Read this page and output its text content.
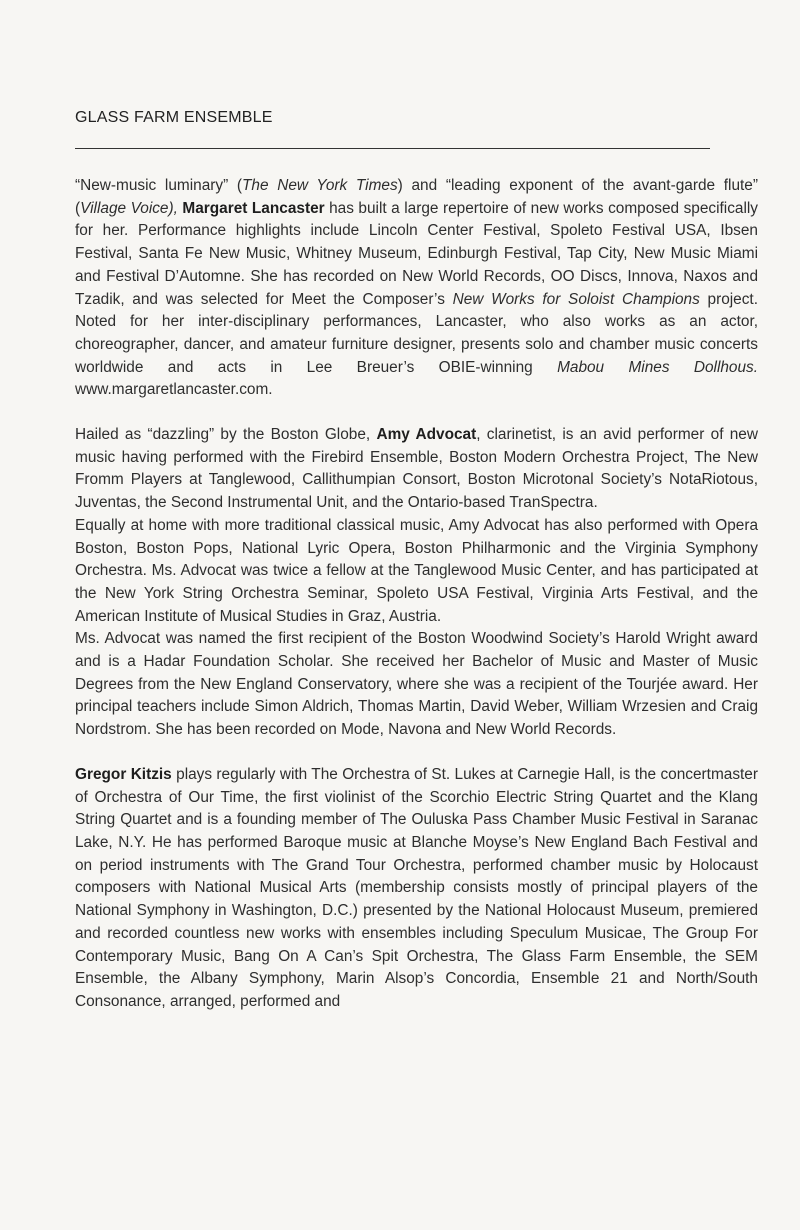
GLASS FARM ENSEMBLE

“New-music luminary” (The New York Times) and “leading exponent of the avant-garde flute” (Village Voice), Margaret Lancaster has built a large repertoire of new works composed specifically for her. Performance highlights include Lincoln Center Festival, Spoleto Festival USA, Ibsen Festival, Santa Fe New Music, Whitney Museum, Edinburgh Festival, Tap City, New Music Miami and Festival D’Automne. She has recorded on New World Records, OO Discs, Innova, Naxos and Tzadik, and was selected for Meet the Composer’s New Works for Soloist Champions project. Noted for her inter-disciplinary performances, Lancaster, who also works as an actor, choreographer, dancer, and amateur furniture designer, presents solo and chamber music concerts worldwide and acts in Lee Breuer’s OBIE-winning Mabou Mines Dollhous. www.margaretlancaster.com.

Hailed as “dazzling” by the Boston Globe, Amy Advocat, clarinetist, is an avid performer of new music having performed with the Firebird Ensemble, Boston Modern Orchestra Project, The New Fromm Players at Tanglewood, Callithumpian Consort, Boston Microtonal Society’s NotaRiotous, Juventas, the Second Instrumental Unit, and the Ontario-based TranSpectra.

Equally at home with more traditional classical music, Amy Advocat has also performed with Opera Boston, Boston Pops, National Lyric Opera, Boston Philharmonic and the Virginia Symphony Orchestra. Ms. Advocat was twice a fellow at the Tanglewood Music Center, and has participated at the New York String Orchestra Seminar, Spoleto USA Festival, Virginia Arts Festival, and the American Institute of Musical Studies in Graz, Austria.

Ms. Advocat was named the first recipient of the Boston Woodwind Society’s Harold Wright award and is a Hadar Foundation Scholar. She received her Bachelor of Music and Master of Music Degrees from the New England Conservatory, where she was a recipient of the Tourjée award. Her principal teachers include Simon Aldrich, Thomas Martin, David Weber, William Wrzesien and Craig Nordstrom. She has been recorded on Mode, Navona and New World Records.

Gregor Kitzis plays regularly with The Orchestra of St. Lukes at Carnegie Hall, is the concertmaster of Orchestra of Our Time, the first violinist of the Scorchio Electric String Quartet and the Klang String Quartet and is a founding member of The Ouluska Pass Chamber Music Festival in Saranac Lake, N.Y. He has performed Baroque music at Blanche Moyse’s New England Bach Festival and on period instruments with The Grand Tour Orchestra, performed chamber music by Holocaust composers with National Musical Arts (membership consists mostly of principal players of the National Symphony in Washington, D.C.) presented by the National Holocaust Museum, premiered and recorded countless new works with ensembles including Speculum Musicae, The Group For Contemporary Music, Bang On A Can’s Spit Orchestra, The Glass Farm Ensemble, the SEM Ensemble, the Albany Symphony, Marin Alsop’s Concordia, Ensemble 21 and North/South Consonance, arranged, performed and
